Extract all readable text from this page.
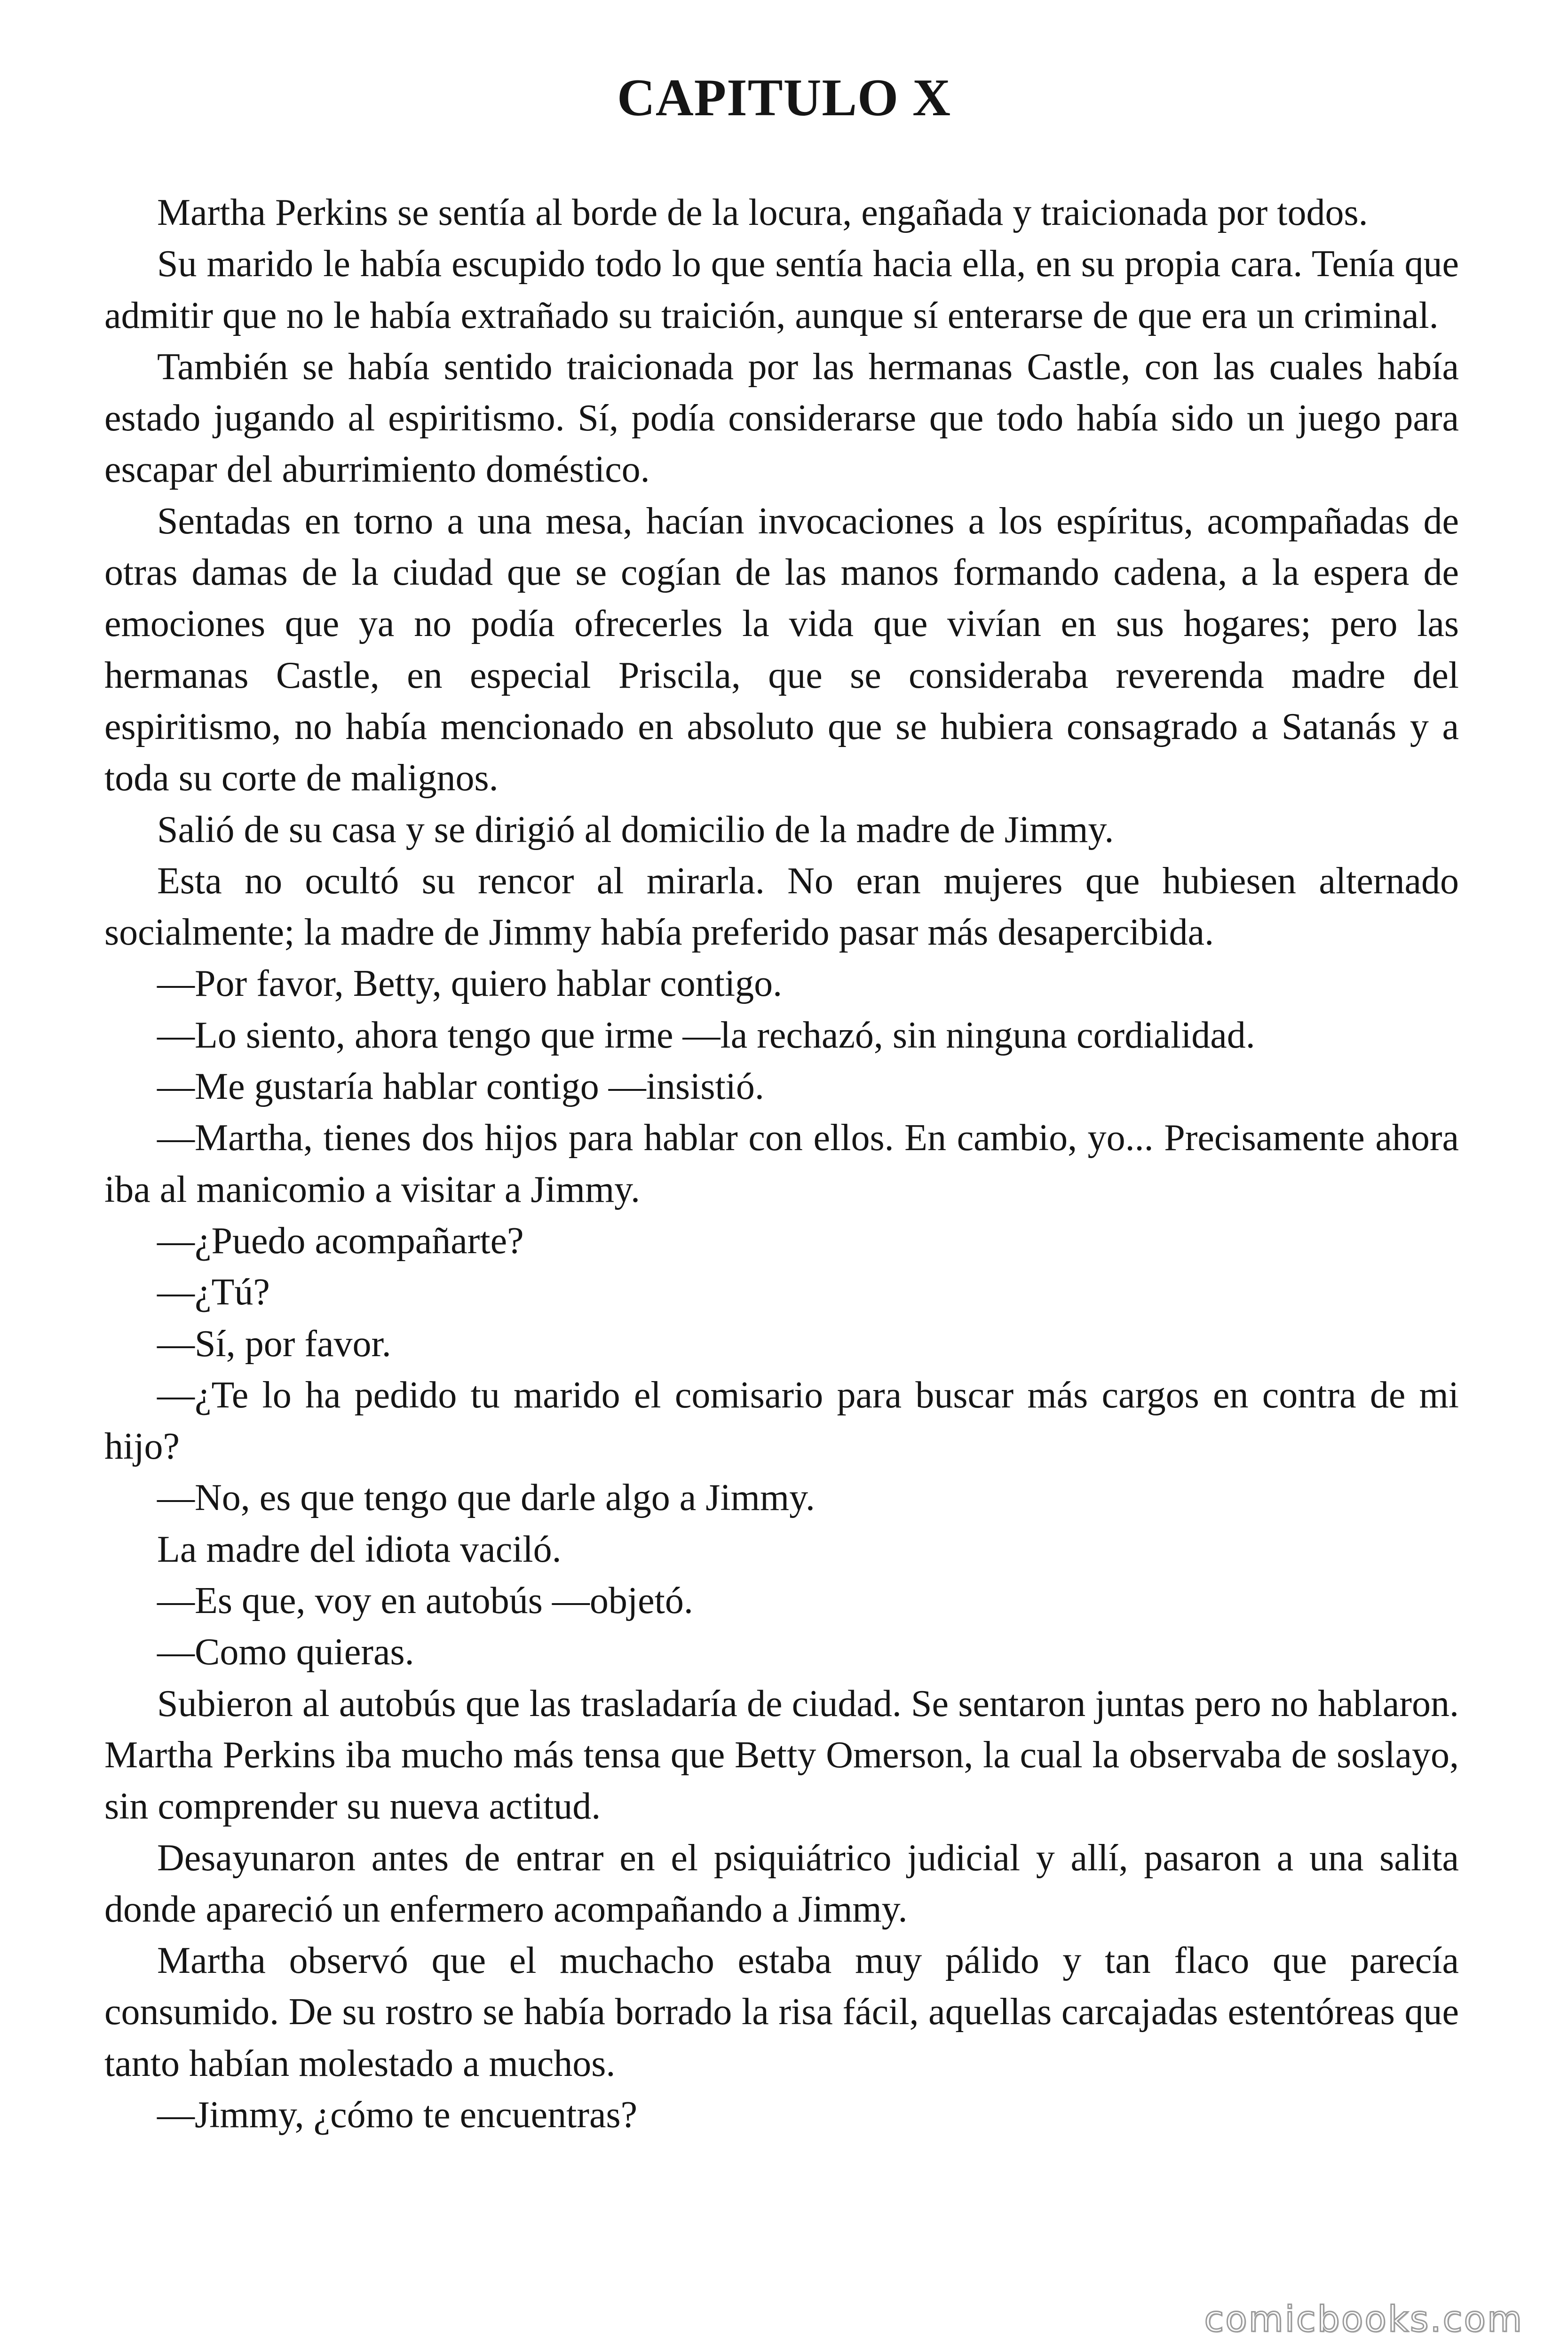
CAPITULO X

Martha Perkins se sentía al borde de la locura, engañada y traicionada por todos.

Su marido le había escupido todo lo que sentía hacia ella, en su propia cara. Tenía que admitir que no le había extrañado su traición, aunque sí enterarse de que era un criminal.

También se había sentido traicionada por las hermanas Castle, con las cuales había estado jugando al espiritismo. Sí, podía considerarse que todo había sido un juego para escapar del aburrimiento doméstico.

Sentadas en torno a una mesa, hacían invocaciones a los espíritus, acompañadas de otras damas de la ciudad que se cogían de las manos formando cadena, a la espera de emociones que ya no podía ofrecerles la vida que vivían en sus hogares; pero las hermanas Castle, en especial Priscila, que se consideraba reverenda madre del espiritismo, no había mencionado en absoluto que se hubiera consagrado a Satanás y a toda su corte de malignos.

Salió de su casa y se dirigió al domicilio de la madre de Jimmy.

Esta no ocultó su rencor al mirarla. No eran mujeres que hubiesen alternado socialmente; la madre de Jimmy había preferido pasar más desapercibida.

—Por favor, Betty, quiero hablar contigo.

—Lo siento, ahora tengo que irme —la rechazó, sin ninguna cordialidad.

—Me gustaría hablar contigo —insistió.

—Martha, tienes dos hijos para hablar con ellos. En cambio, yo... Precisamente ahora iba al manicomio a visitar a Jimmy.

—¿Puedo acompañarte?

—¿Tú?

—Sí, por favor.

—¿Te lo ha pedido tu marido el comisario para buscar más cargos en contra de mi hijo?

—No, es que tengo que darle algo a Jimmy.

La madre del idiota vaciló.

—Es que, voy en autobús —objetó.

—Como quieras.

Subieron al autobús que las trasladaría de ciudad. Se sentaron juntas pero no hablaron. Martha Perkins iba mucho más tensa que Betty Omerson, la cual la observaba de soslayo, sin comprender su nueva actitud.

Desayunaron antes de entrar en el psiquiátrico judicial y allí, pasaron a una salita donde apareció un enfermero acompañando a Jimmy.

Martha observó que el muchacho estaba muy pálido y tan flaco que parecía consumido. De su rostro se había borrado la risa fácil, aquellas carcajadas estentóreas que tanto habían molestado a muchos.

—Jimmy, ¿cómo te encuentras?

comicbooks.com
